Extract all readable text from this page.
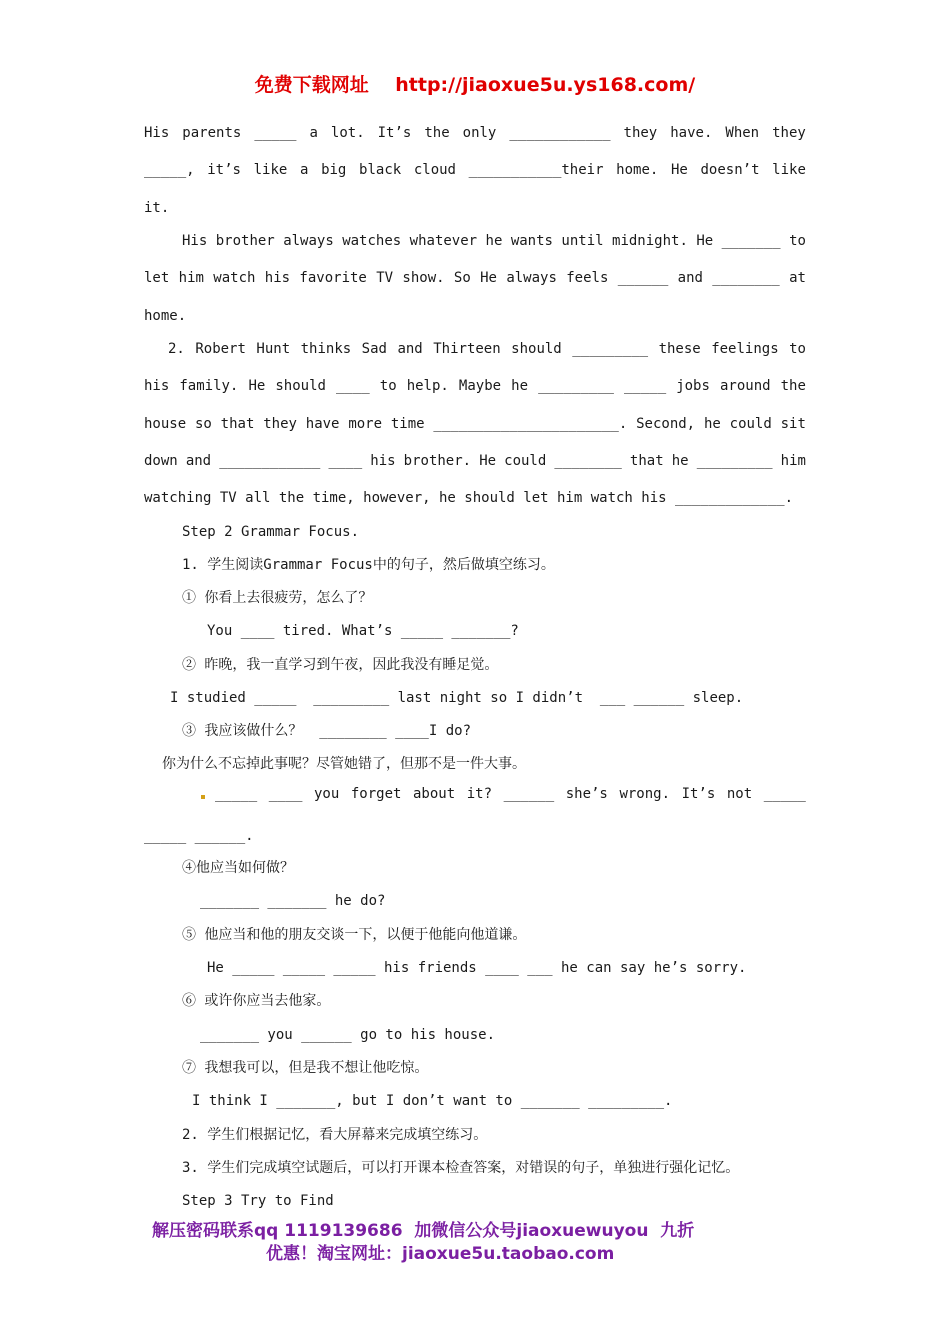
免费下载网址    http://jiaoxue5u.ys168.com/
His parents _____ a lot. It’s the only ____________ they have. When they
_____, it’s like a big black cloud ___________their home. He doesn’t like
it.
His brother always watches whatever he wants until midnight. He _______ to
let him watch his favorite TV show. So He always feels ______ and ________ at
home.
2. Robert Hunt thinks Sad and Thirteen should _________ these feelings to
his family. He should ____ to help. Maybe he _________ _____ jobs around the
house so that they have more time ______________________. Second, he could sit
down and ____________ ____ his brother. He could ________ that he _________ him
watching TV all the time, however, he should let him watch his _____________.
Step 2 Grammar Focus.
1. 学生阅读Grammar Focus中的句子，然后做填空练习。
① 你看上去很疲劳，怎么了？
You ____ tired. What’s _____ _______?
② 昨晚，我一直学习到午夜，因此我没有睡足觉。
I studied _____  _________ last night so I didn’t  ___ ______ sleep.
③ 我应该做什么？  ________ ____I do?
你为什么不忘掉此事呢？尽管她错了，但那不是一件大事。
_____ ____ you forget about it? ______ she’s wrong. It’s not _____
_____ ______.
④他应当如何做？
_______ _______ he do?
⑤ 他应当和他的朋友交谈一下，以便于他能向他道谦。
He _____ _____ _____ his friends ____ ___ he can say he’s sorry.
⑥ 或许你应当去他家。
_______ you ______ go to his house.
⑦ 我想我可以，但是我不想让他吃惊。
I think I _______, but I don’t want to _______ _________.
2. 学生们根据记忆，看大屏幕来完成填空练习。
3. 学生们完成填空试题后，可以打开课本检查答案，对错误的句子，单独进行强化记忆。
Step 3 Try to Find
解压密码联系qq 1119139686  加微信公众号jiaoxuewuyou  九折
优惠！淘宝网址：jiaoxue5u.taobao.com
